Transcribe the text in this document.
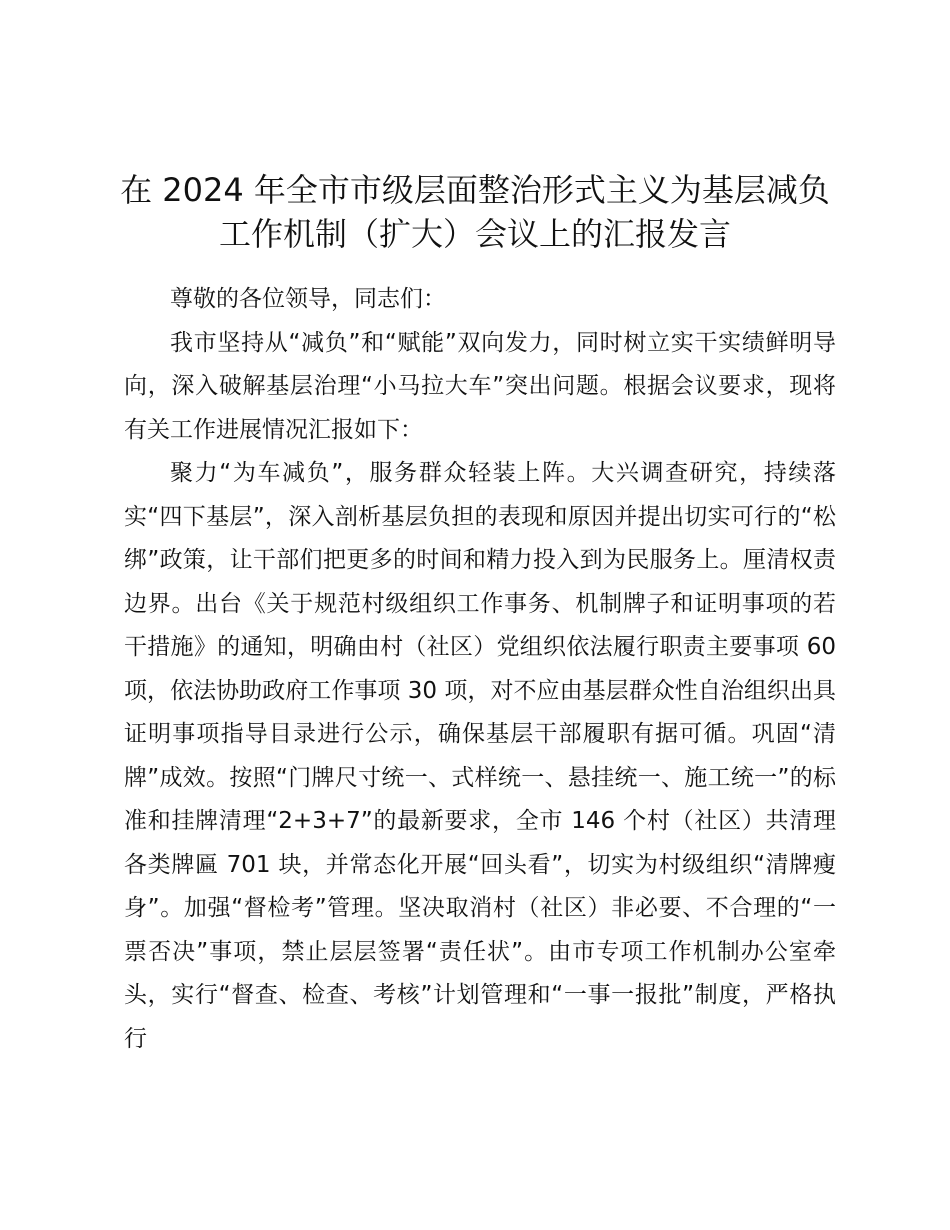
在 2024 年全市市级层面整治形式主义为基层减负工作机制（扩大）会议上的汇报发言

尊敬的各位领导，同志们：

我市坚持从“减负”和“赋能”双向发力，同时树立实干实绩鲜明导向，深入破解基层治理“小马拉大车”突出问题。根据会议要求，现将有关工作进展情况汇报如下：

聚力“为车减负”，服务群众轻装上阵。大兴调查研究，持续落实“四下基层”，深入剖析基层负担的表现和原因并提出切实可行的“松绑”政策，让干部们把更多的时间和精力投入到为民服务上。厘清权责边界。出台《关于规范村级组织工作事务、机制牌子和证明事项的若干措施》的通知，明确由村（社区）党组织依法履行职责主要事项 60 项，依法协助政府工作事项 30 项，对不应由基层群众性自治组织出具证明事项指导目录进行公示，确保基层干部履职有据可循。巩固“清牌”成效。按照“门牌尺寸统一、式样统一、悬挂统一、施工统一”的标准和挂牌清理“2+3+7”的最新要求，全市 146 个村（社区）共清理各类牌匾 701 块，并常态化开展“回头看”，切实为村级组织“清牌瘦身”。加强“督检考”管理。坚决取消村（社区）非必要、不合理的“一票否决”事项，禁止层层签署“责任状”。由市专项工作机制办公室牵头，实行“督查、检查、考核”计划管理和“一事一报批”制度，严格执行
